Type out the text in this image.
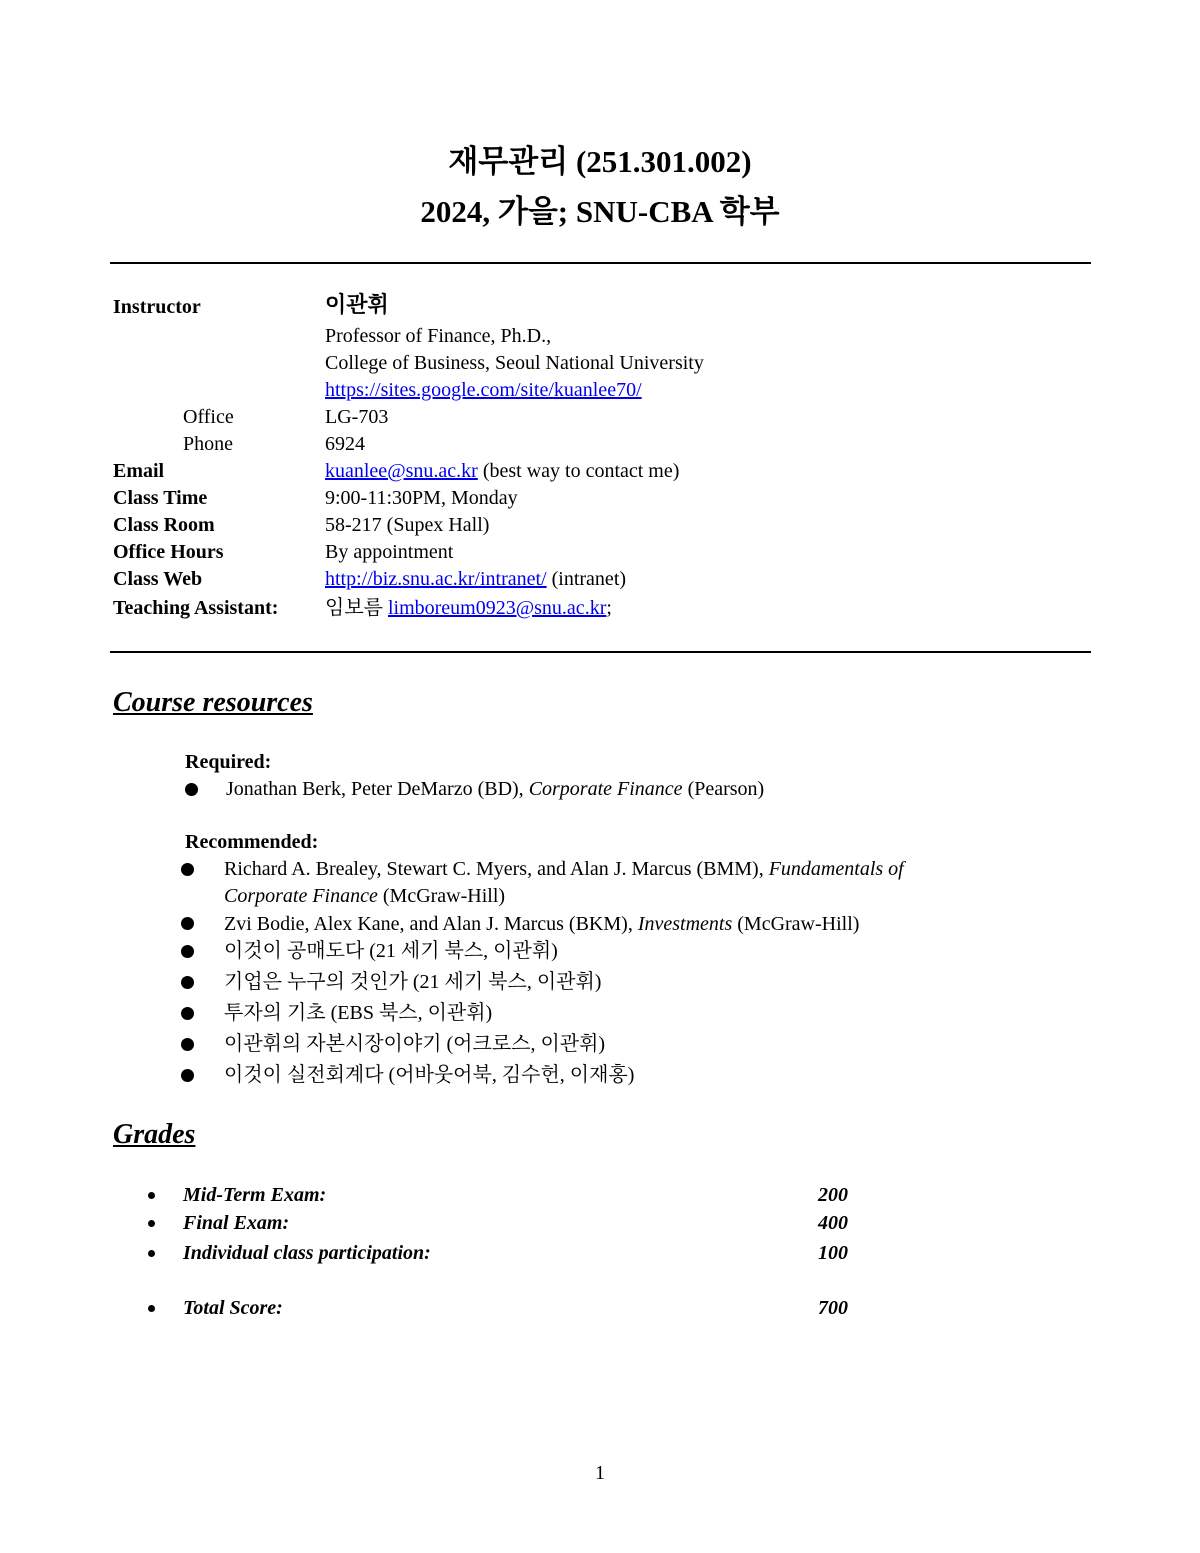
재무관리 (251.301.002)
2024, 가을; SNU-CBA 학부
Instructor	이관휘
Professor of Finance, Ph.D.,
College of Business, Seoul National University
https://sites.google.com/site/kuanlee70/
Office	LG-703
Phone	6924
Email	kuanlee@snu.ac.kr (best way to contact me)
Class Time	9:00-11:30PM, Monday
Class Room	58-217 (Supex Hall)
Office Hours	By appointment
Class Web	http://biz.snu.ac.kr/intranet/ (intranet)
Teaching Assistant: 임보름 limboreum0923@snu.ac.kr;
Course resources
Required:
Jonathan Berk, Peter DeMarzo (BD), Corporate Finance (Pearson)
Recommended:
Richard A. Brealey, Stewart C. Myers, and Alan J. Marcus (BMM), Fundamentals of
Corporate Finance (McGraw-Hill)
Zvi Bodie, Alex Kane, and Alan J. Marcus (BKM), Investments (McGraw-Hill)
이것이 공매도다 (21 세기 북스, 이관휘)
기업은 누구의 것인가 (21 세기 북스, 이관휘)
투자의 기초 (EBS 북스, 이관휘)
이관휘의 자본시장이야기 (어크로스, 이관휘)
이것이 실전회계다 (어바웃어북, 김수헌, 이재홍)
Grades
Mid-Term Exam:	200
Final Exam:	400
Individual class participation:	100
Total Score:	700
1
